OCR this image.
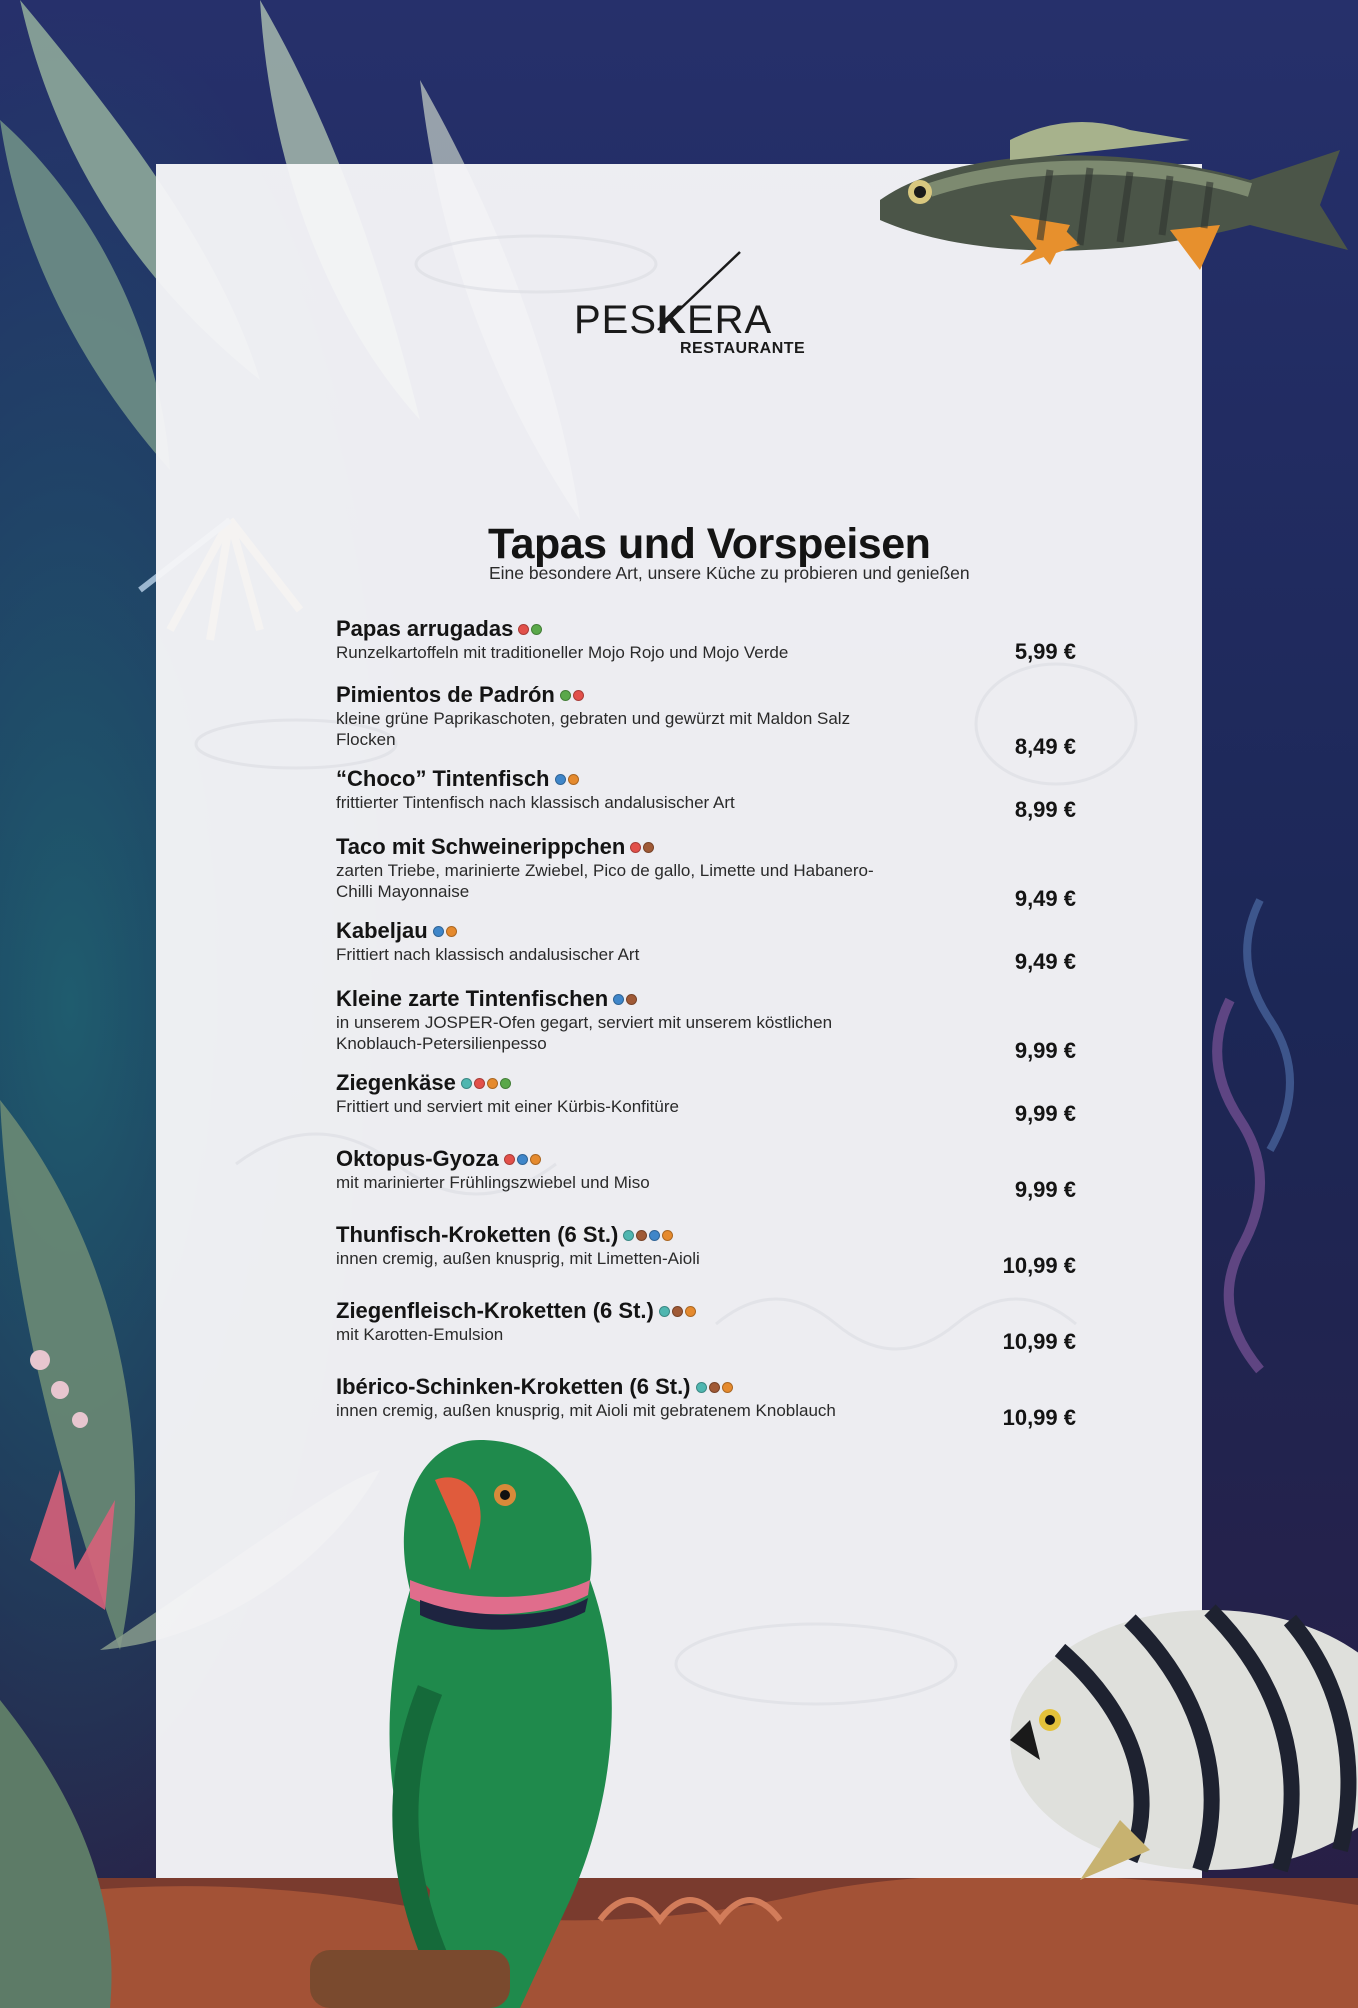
PESKERA
RESTAURANTE
Tapas und Vorspeisen
Eine besondere Art, unsere Küche zu probieren und genießen
Papas arrugadas
Runzelkartoffeln mit traditioneller Mojo Rojo und Mojo Verde	5,99 €
Pimientos de Padrón
kleine grüne Paprikaschoten, gebraten und gewürzt mit Maldon Salz Flocken	8,49 €
“Choco” Tintenfisch
frittierter Tintenfisch nach klassisch andalusischer Art	8,99 €
Taco mit Schweinerippchen
zarten Triebe, marinierte Zwiebel, Pico de gallo, Limette und Habanero-Chilli Mayonnaise	9,49 €
Kabeljau
Frittiert nach klassisch andalusischer Art	9,49 €
Kleine zarte Tintenfischen
in unserem JOSPER-Ofen gegart, serviert mit unserem köstlichen Knoblauch-Petersilienpesso	9,99 €
Ziegenkäse
Frittiert und serviert mit einer Kürbis-Konfitüre	9,99 €
Oktopus-Gyoza
mit marinierter Frühlingszwiebel und Miso	9,99 €
Thunfisch-Kroketten (6 St.)
innen cremig, außen knusprig, mit Limetten-Aioli	10,99 €
Ziegenfleisch-Kroketten (6 St.)
mit Karotten-Emulsion	10,99 €
Ibérico-Schinken-Kroketten (6 St.)
innen cremig, außen knusprig, mit Aioli mit gebratenem Knoblauch	10,99 €
